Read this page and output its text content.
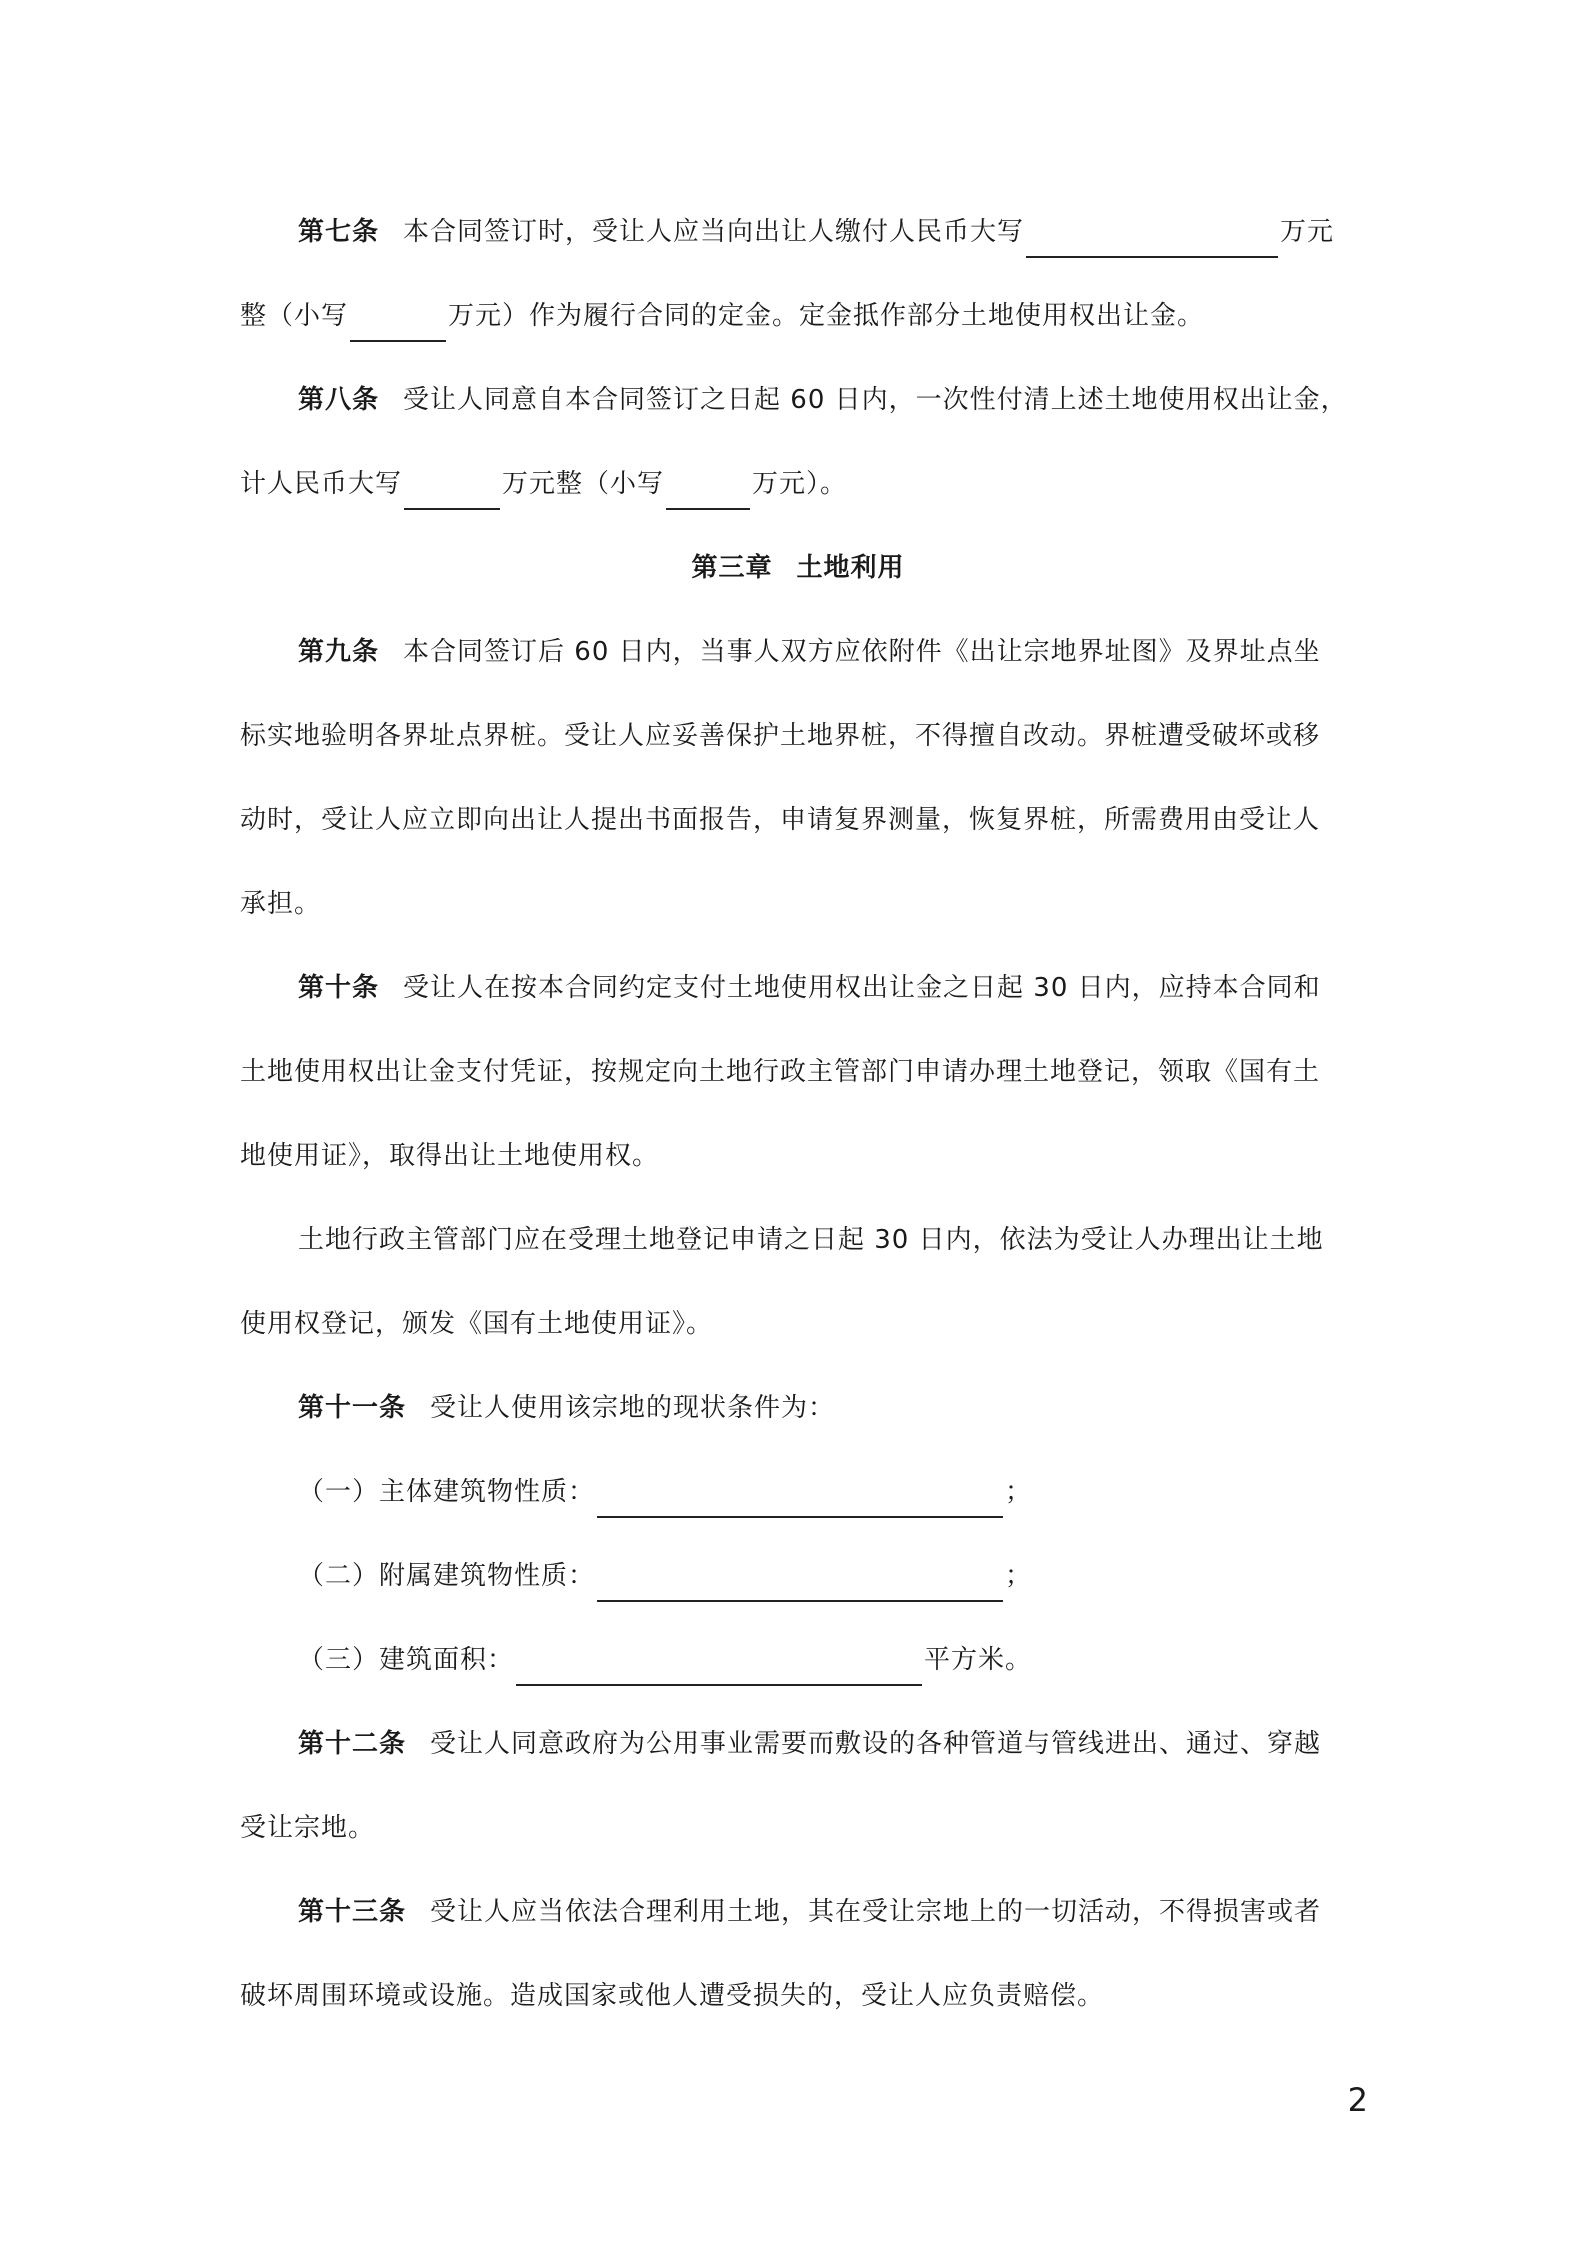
第七条 本合同签订时，受让人应当向出让人缴付人民币大写	万元
整（小写	万元）作为履行合同的定金。定金抵作部分土地使用权出让金。
第八条 受让人同意自本合同签订之日起 60 日内，一次性付清上述土地使用权出让金，
计人民币大写	万元整（小写	万元）。
第三章 土地利用
第九条 本合同签订后 60 日内，当事人双方应依附件《出让宗地界址图》及界址点坐
标实地验明各界址点界桩。受让人应妥善保护土地界桩，不得擅自改动。界桩遭受破坏或移
动时，受让人应立即向出让人提出书面报告，申请复界测量，恢复界桩，所需费用由受让人
承担。
第十条 受让人在按本合同约定支付土地使用权出让金之日起 30 日内，应持本合同和
土地使用权出让金支付凭证，按规定向土地行政主管部门申请办理土地登记，领取《国有土
地使用证》，取得出让土地使用权。
土地行政主管部门应在受理土地登记申请之日起 30 日内，依法为受让人办理出让土地
使用权登记，颁发《国有土地使用证》。
第十一条 受让人使用该宗地的现状条件为：
（一）主体建筑物性质：	；
（二）附属建筑物性质：	；
（三）建筑面积：	平方米。
第十二条 受让人同意政府为公用事业需要而敷设的各种管道与管线进出、通过、穿越
受让宗地。
第十三条 受让人应当依法合理利用土地，其在受让宗地上的一切活动，不得损害或者
破坏周围环境或设施。造成国家或他人遭受损失的，受让人应负责赔偿。
2
